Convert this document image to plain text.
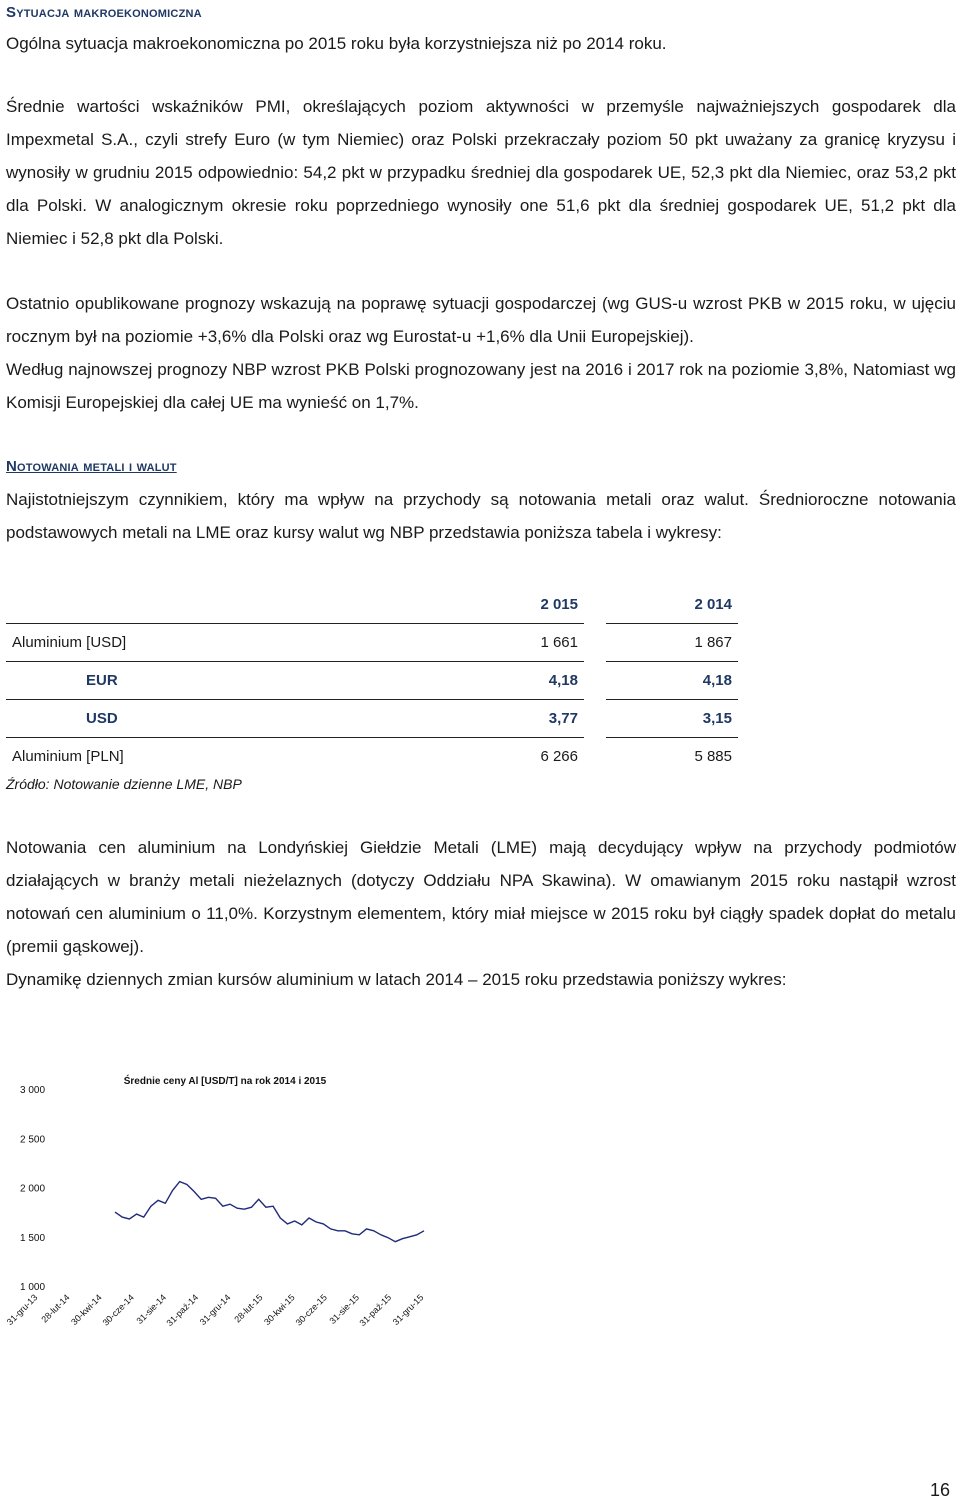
Sytuacja makroekonomiczna
Ogólna sytuacja makroekonomiczna po 2015 roku była korzystniejsza niż po 2014 roku.

Średnie wartości wskaźników PMI, określających poziom aktywności w przemyśle najważniejszych gospodarek dla Impexmetal S.A., czyli strefy Euro (w tym Niemiec) oraz Polski przekraczały poziom 50 pkt uważany za granicę kryzysu i wynosiły w grudniu 2015 odpowiednio: 54,2 pkt w przypadku średniej dla gospodarek UE, 52,3 pkt dla Niemiec, oraz 53,2 pkt dla Polski. W analogicznym okresie roku poprzedniego wynosiły one 51,6 pkt dla średniej gospodarek UE, 51,2 pkt dla Niemiec i 52,8 pkt dla Polski.

Ostatnio opublikowane prognozy wskazują na poprawę sytuacji gospodarczej (wg GUS-u wzrost PKB w 2015 roku, w ujęciu rocznym był na poziomie +3,6% dla Polski oraz wg Eurostat-u +1,6% dla Unii Europejskiej).

Według najnowszej prognozy NBP wzrost PKB Polski prognozowany jest na 2016 i 2017 rok na poziomie 3,8%, Natomiast wg Komisji Europejskiej dla całej UE ma wynieść on 1,7%.

Notowania metali i walut

Najistotniejszym czynnikiem, który ma wpływ na przychody są notowania metali oraz walut. Średnioroczne notowania podstawowych metali na LME oraz kursy walut wg NBP przedstawia poniższa tabela i wykresy:

	2 015		2 014
Aluminium [USD]	1 661		1 867
EUR	4,18		4,18
USD	3,77		3,15
Aluminium [PLN]	6 266		5 885
Źródło: Notowanie dzienne LME, NBP

Notowania cen aluminium na Londyńskiej Giełdzie Metali (LME) mają decydujący wpływ na przychody podmiotów działających w branży metali nieżelaznych (dotyczy Oddziału NPA Skawina). W omawianym 2015 roku nastąpił wzrost notowań cen aluminium o 11,0%. Korzystnym elementem, który miał miejsce w 2015 roku był ciągły spadek dopłat do metalu (premii gąskowej).

Dynamikę dziennych zmian kursów aluminium w latach 2014 – 2015 roku przedstawia poniższy wykres:
Średnie ceny Al [USD/T] na rok 2014 i 2015
3 000
2 500
2 000
1 500
1 000
31-gru-13 28-lut-14
30-kwi-14
30-cze-14
31-sie-14
31-paź-14
31-gru-14 28-lut-15
30-kwi-15
30-cze-15
31-sie-15
31-paź-15
31-gru-15
16
